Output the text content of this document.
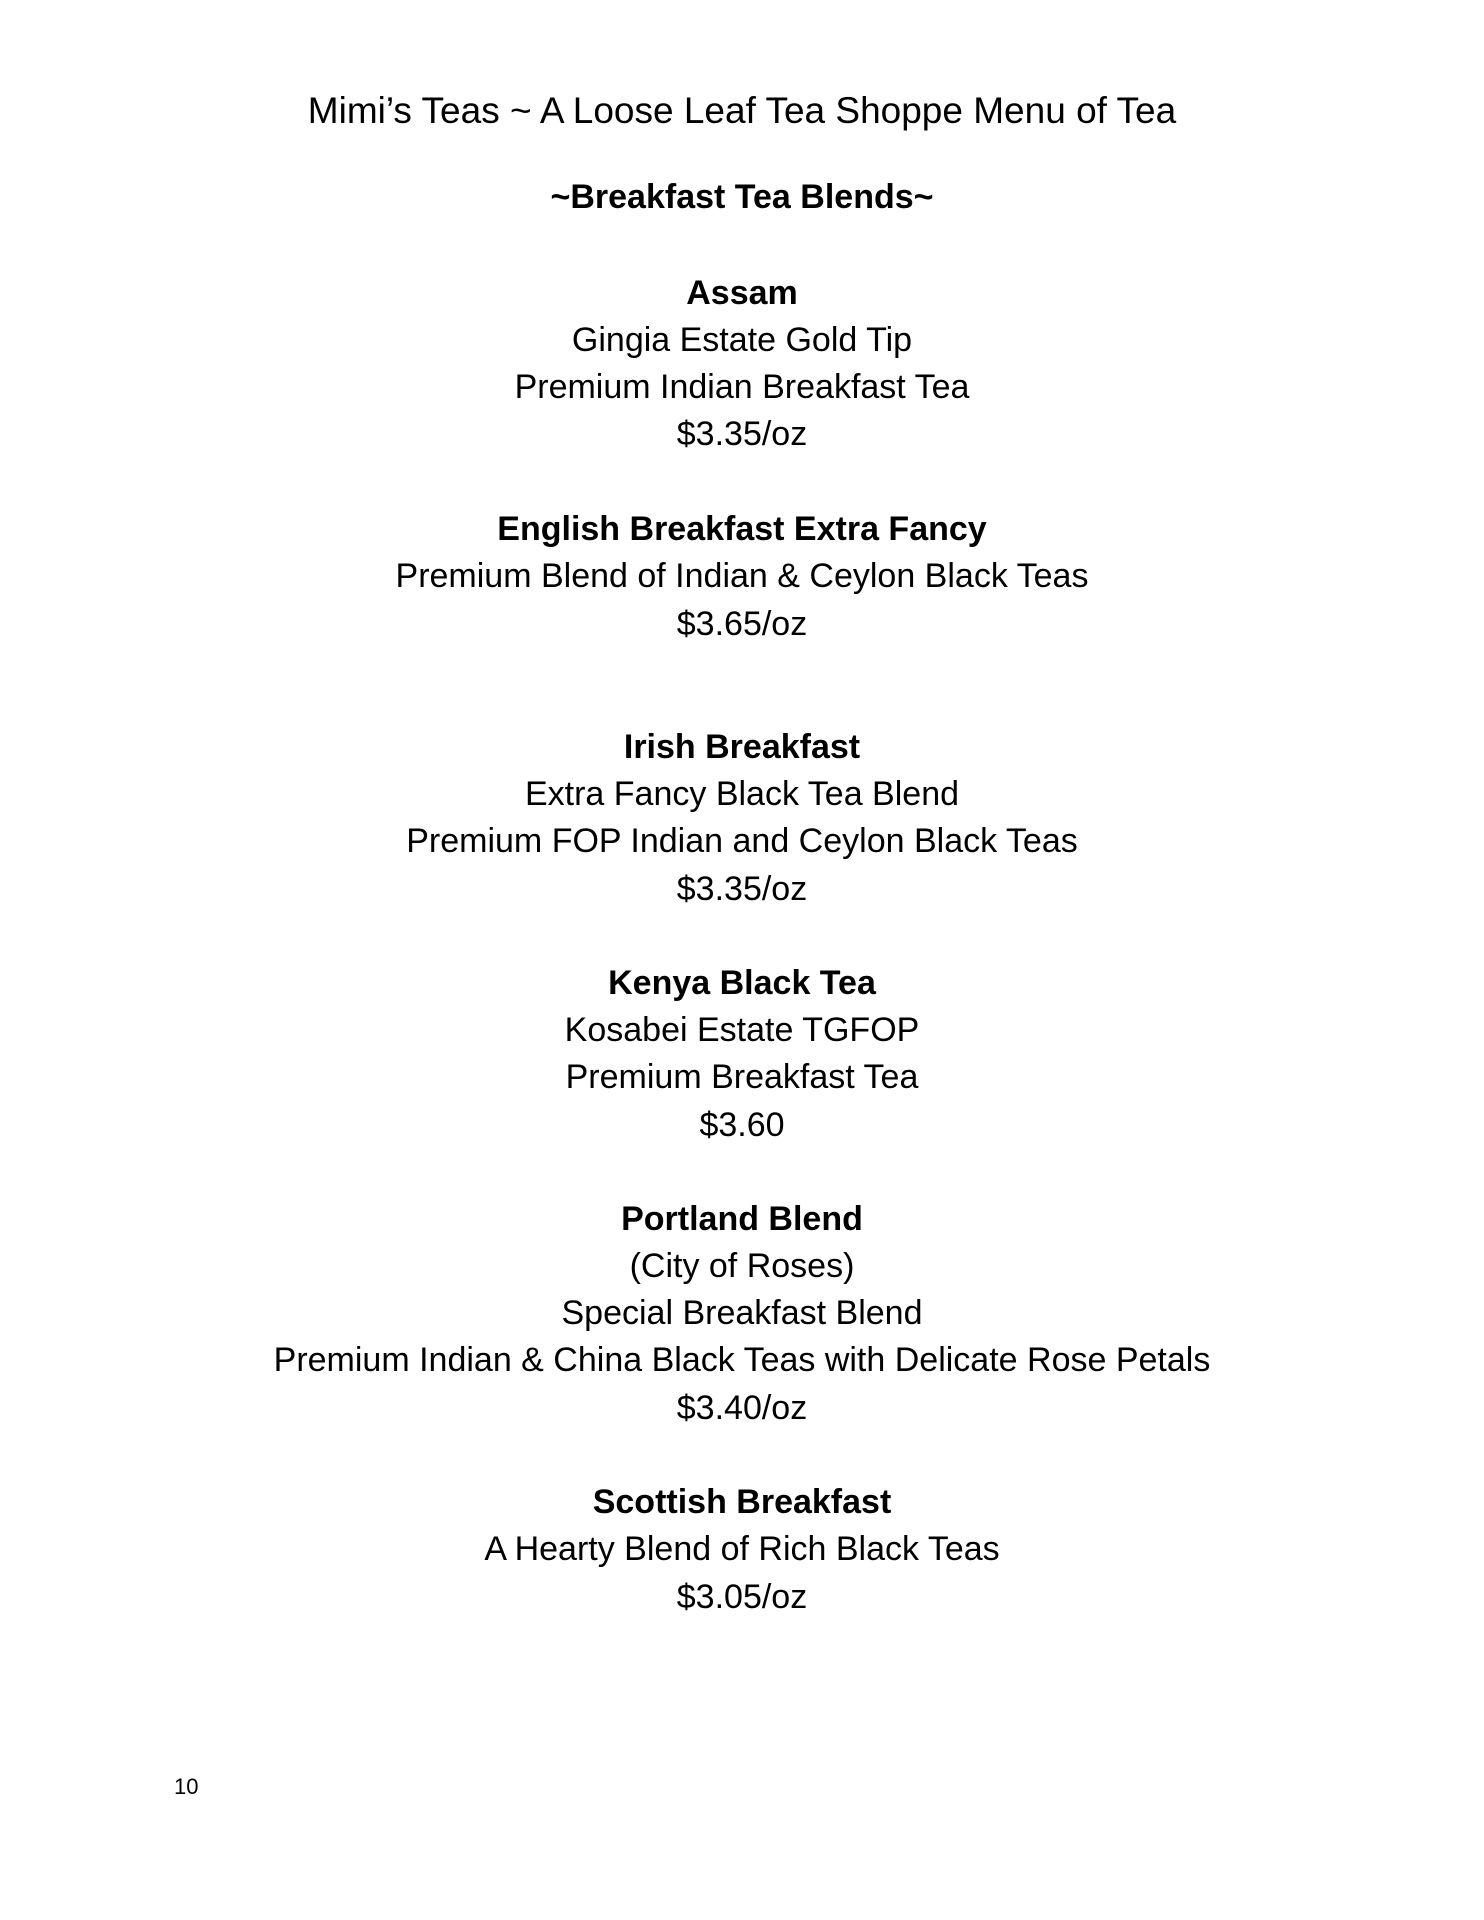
Mimi’s Teas ~ A Loose Leaf Tea Shoppe Menu of Tea
~Breakfast Tea Blends~
Assam
Gingia Estate Gold Tip
Premium Indian Breakfast Tea
$3.35/oz
English Breakfast Extra Fancy
Premium Blend of Indian & Ceylon Black Teas
$3.65/oz
Irish Breakfast
Extra Fancy Black Tea Blend
Premium FOP Indian and Ceylon Black Teas
$3.35/oz
Kenya Black Tea
Kosabei Estate TGFOP
Premium Breakfast Tea
$3.60
Portland Blend
(City of Roses)
Special Breakfast Blend
Premium Indian & China Black Teas with Delicate Rose Petals
$3.40/oz
Scottish Breakfast
A Hearty Blend of Rich Black Teas
$3.05/oz
10
